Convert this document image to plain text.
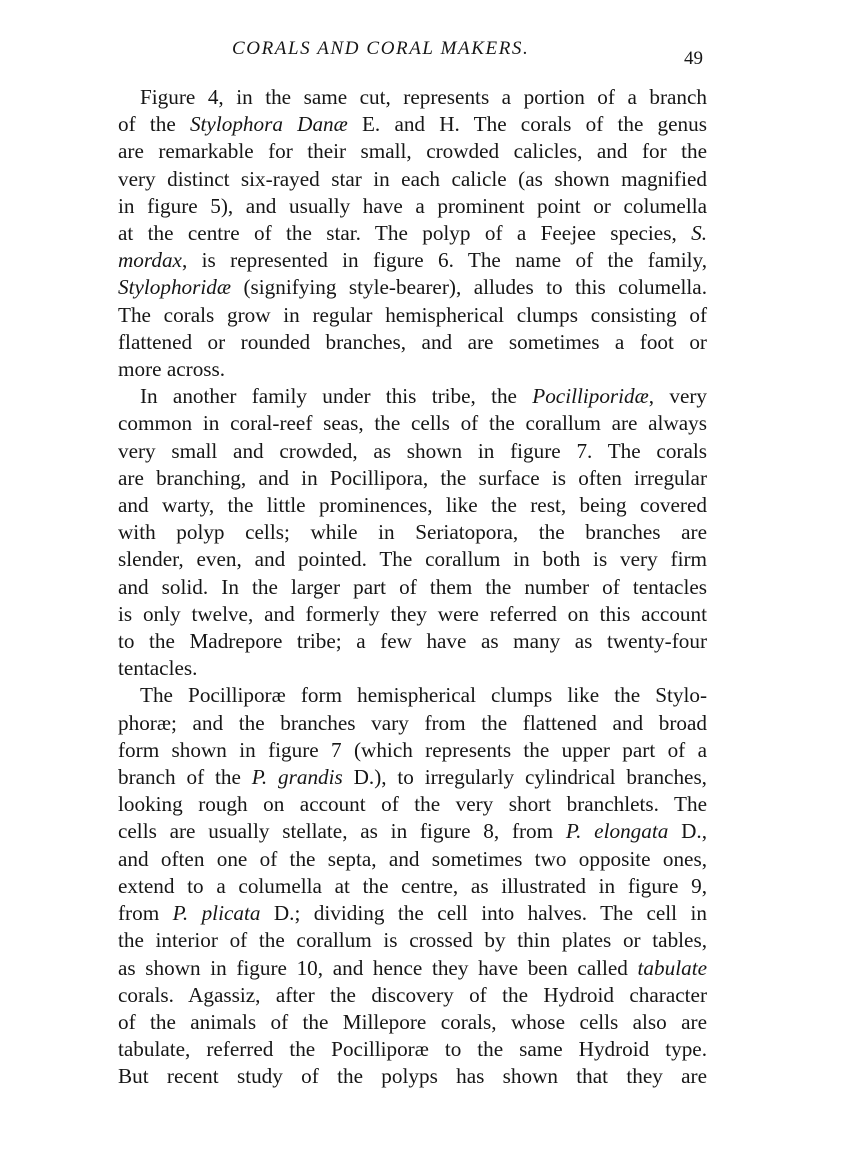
CORALS AND CORAL MAKERS.	49
Figure 4, in the same cut, represents a portion of a branch
of the Stylophora Danæ E. and H. The corals of the genus
are remarkable for their small, crowded calicles, and for the
very distinct six-rayed star in each calicle (as shown magnified
in figure 5), and usually have a prominent point or columella
at the centre of the star. The polyp of a Feejee species, S.
mordax, is represented in figure 6. The name of the family,
Stylophoridæ (signifying style-bearer), alludes to this columella.
The corals grow in regular hemispherical clumps consisting of
flattened or rounded branches, and are sometimes a foot or
more across.
In another family under this tribe, the Pocilliporidæ, very
common in coral-reef seas, the cells of the corallum are always
very small and crowded, as shown in figure 7. The corals
are branching, and in Pocillipora, the surface is often irregular
and warty, the little prominences, like the rest, being covered
with polyp cells; while in Seriatopora, the branches are
slender, even, and pointed. The corallum in both is very firm
and solid. In the larger part of them the number of tentacles
is only twelve, and formerly they were referred on this account
to the Madrepore tribe; a few have as many as twenty-four
tentacles.
The Pocilliporæ form hemispherical clumps like the Stylo-
phoræ; and the branches vary from the flattened and broad
form shown in figure 7 (which represents the upper part of a
branch of the P. grandis D.), to irregularly cylindrical branches,
looking rough on account of the very short branchlets. The
cells are usually stellate, as in figure 8, from P. elongata D.,
and often one of the septa, and sometimes two opposite ones,
extend to a columella at the centre, as illustrated in figure 9,
from P. plicata D.; dividing the cell into halves. The cell in
the interior of the corallum is crossed by thin plates or tables,
as shown in figure 10, and hence they have been called tabulate
corals. Agassiz, after the discovery of the Hydroid character
of the animals of the Millepore corals, whose cells also are
tabulate, referred the Pocilliporæ to the same Hydroid type.
But recent study of the polyps has shown that they are
